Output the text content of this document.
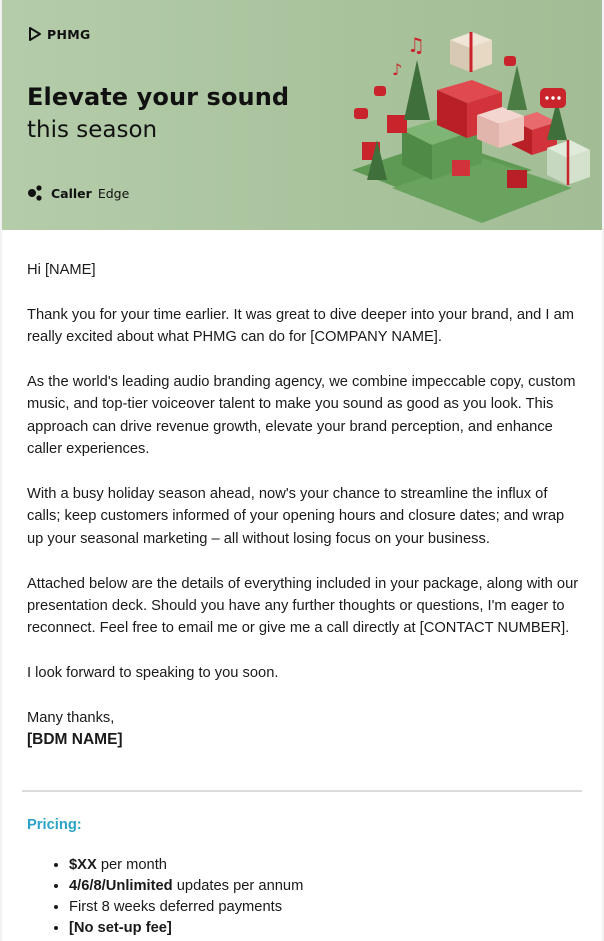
PHMG
Elevate your sound
this season
Caller Edge
♫
♪

Hi [NAME]

Thank you for your time earlier. It was great to dive deeper into your brand, and I am really excited about what PHMG can do for [COMPANY NAME].

As the world's leading audio branding agency, we combine impeccable copy, custom music, and top-tier voiceover talent to make you sound as good as you look. This approach can drive revenue growth, elevate your brand perception, and enhance caller experiences.

With a busy holiday season ahead, now's your chance to streamline the influx of calls; keep customers informed of your opening hours and closure dates; and wrap up your seasonal marketing – all without losing focus on your business.

Attached below are the details of everything included in your package, along with our presentation deck. Should you have any further thoughts or questions, I'm eager to reconnect. Feel free to email me or give me a call directly at [CONTACT NUMBER].

I look forward to speaking to you soon.

Many thanks,

[BDM NAME]

Pricing:
• $XX per month
• 4/6/8/Unlimited updates per annum
• First 8 weeks deferred payments
• [No set-up fee]
